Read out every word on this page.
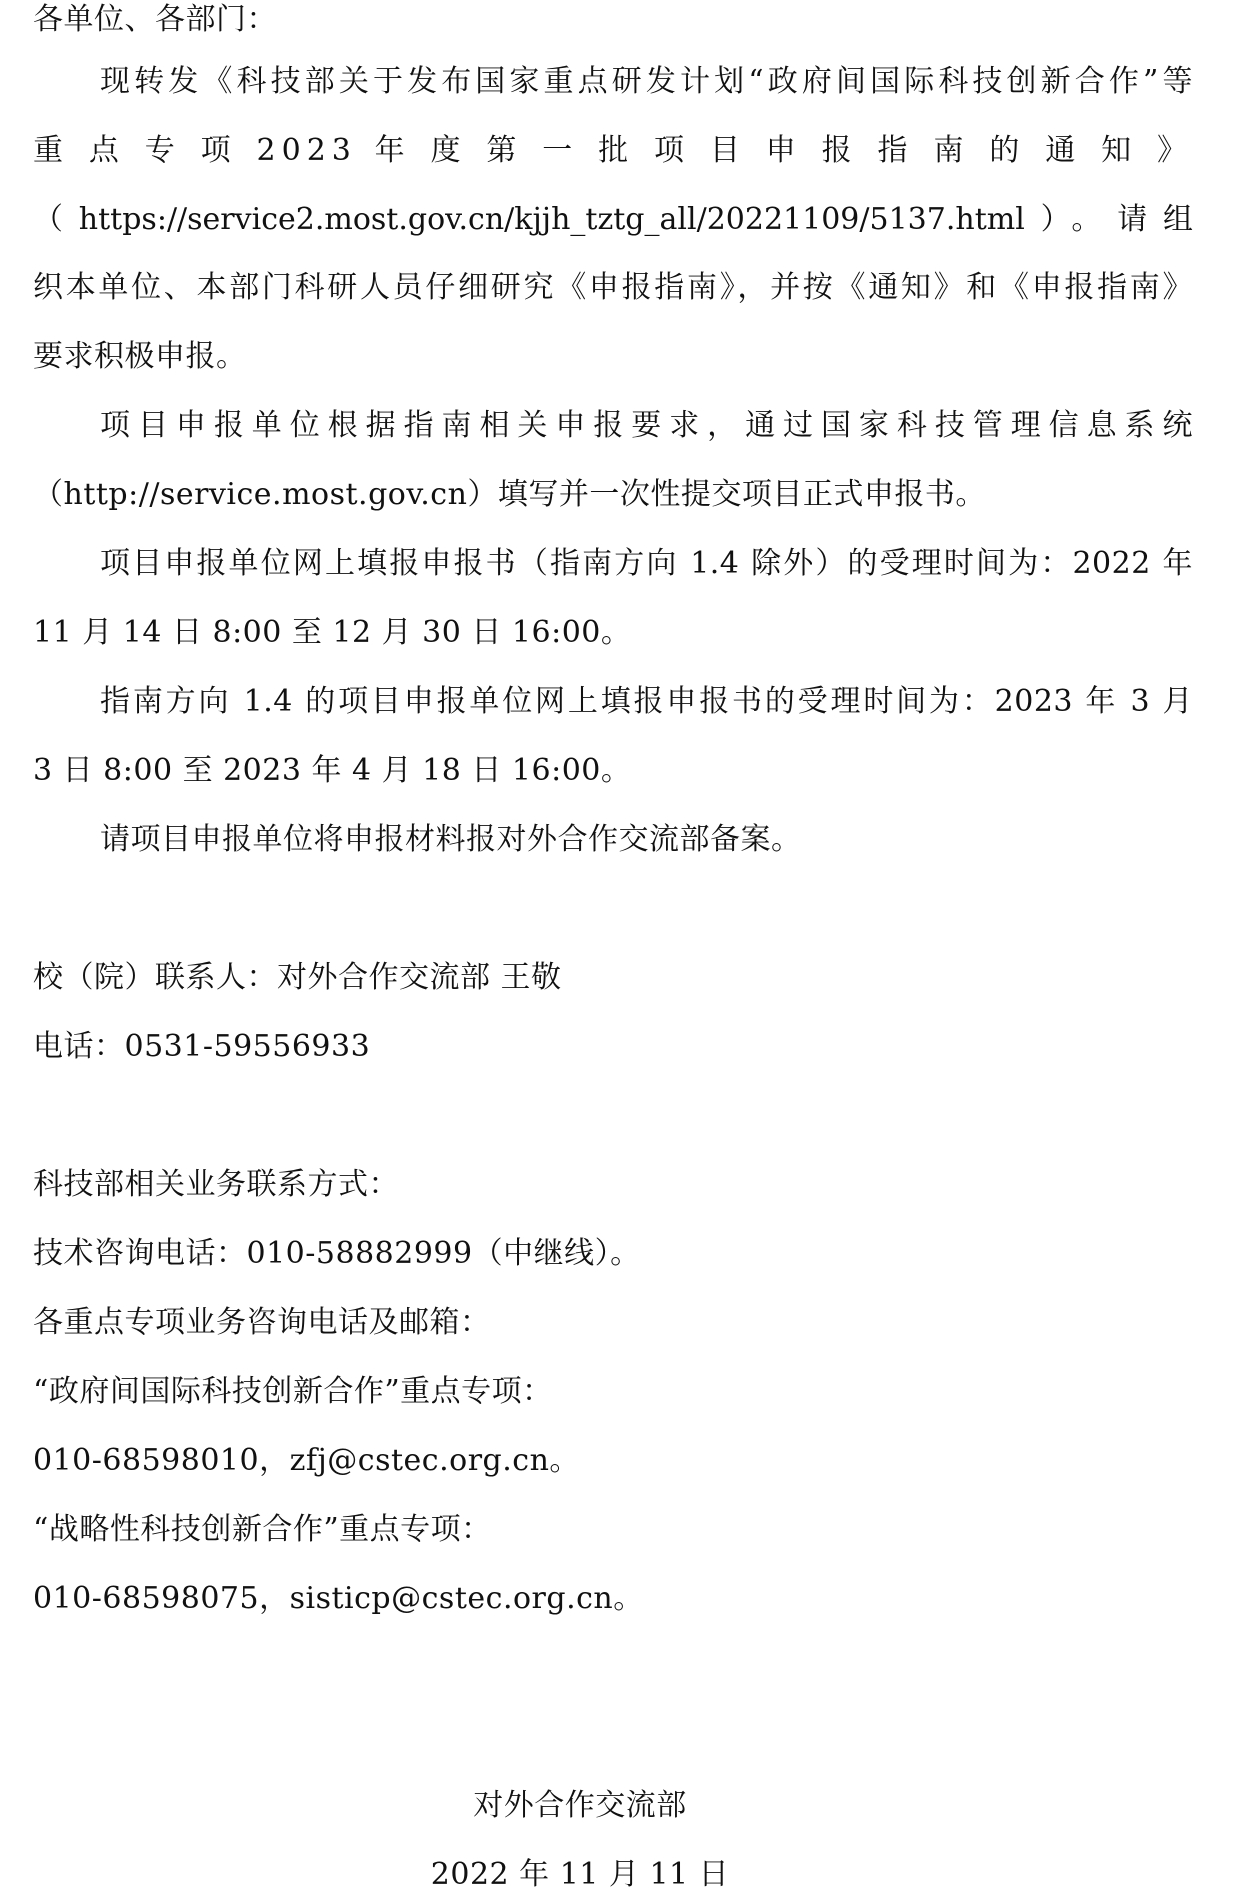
各单位、各部门：
现转发《科技部关于发布国家重点研发计划“政府间国际科技创新合作”等
重 点 专 项 2023 年 度 第 一 批 项 目 申 报 指 南 的 通 知 》
（https://service2.most.gov.cn/kjjh_tztg_all/20221109/5137.html）。请组
织本单位、本部门科研人员仔细研究《申报指南》，并按《通知》和《申报指南》
要求积极申报。
项目申报单位根据指南相关申报要求，通过国家科技管理信息系统
（http://service.most.gov.cn）填写并一次性提交项目正式申报书。
项目申报单位网上填报申报书（指南方向 1.4 除外）的受理时间为：2022 年
11 月 14 日 8:00 至 12 月 30 日 16:00。
指南方向 1.4 的项目申报单位网上填报申报书的受理时间为：2023 年 3 月
3 日 8:00 至 2023 年 4 月 18 日 16:00。
请项目申报单位将申报材料报对外合作交流部备案。
校（院）联系人：对外合作交流部 王敬
电话：0531-59556933
科技部相关业务联系方式：
技术咨询电话：010-58882999（中继线）。
各重点专项业务咨询电话及邮箱：
“政府间国际科技创新合作”重点专项：
010-68598010，zfj@cstec.org.cn。
“战略性科技创新合作”重点专项：
010-68598075，sisticp@cstec.org.cn。
对外合作交流部
2022 年 11 月 11 日
